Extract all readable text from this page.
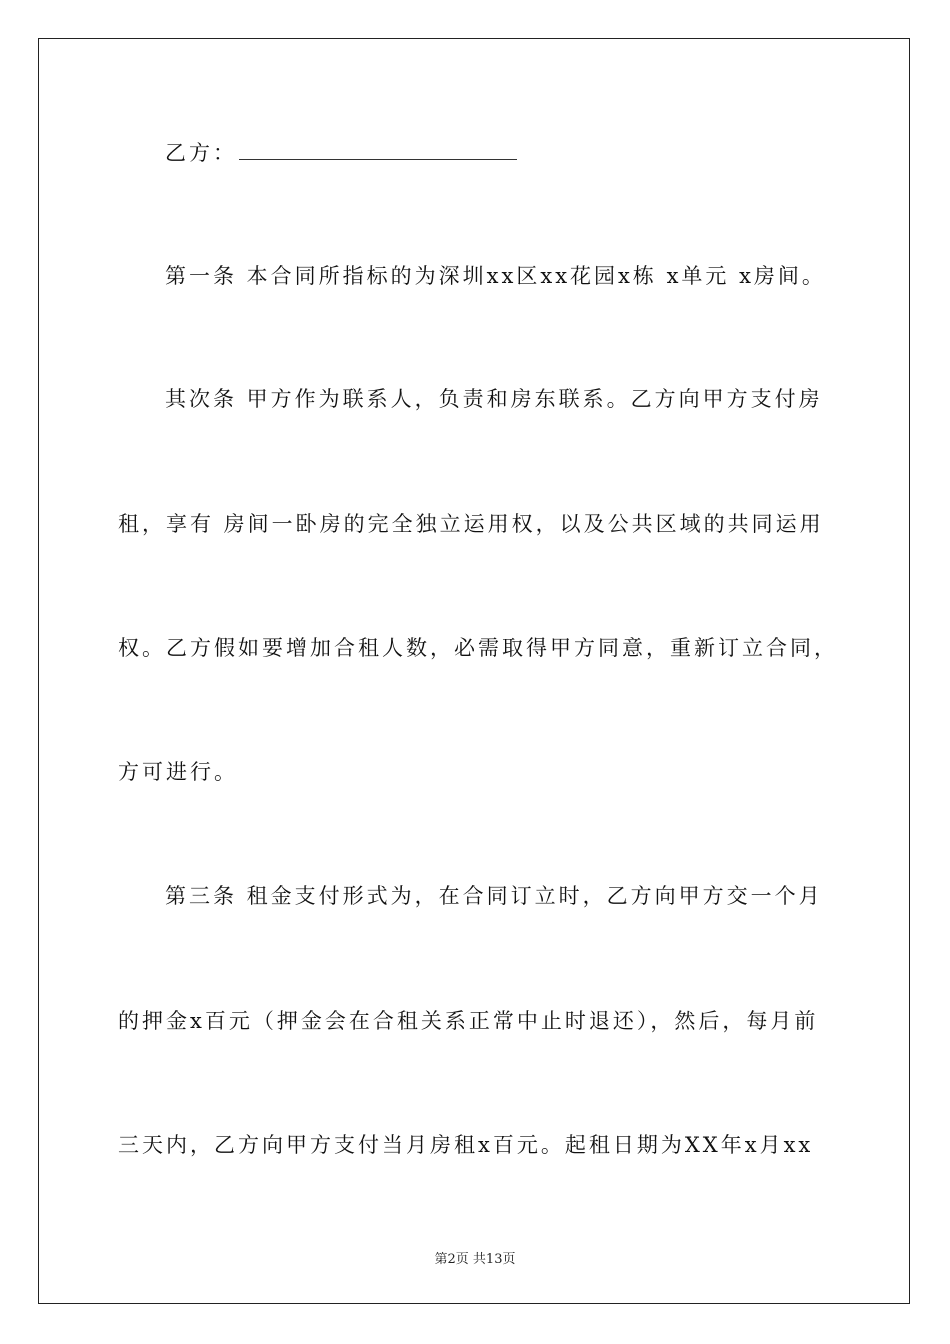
乙方：
第一条 本合同所指标的为深圳xx区xx花园x栋 x单元 x房间。
其次条 甲方作为联系人，负责和房东联系。乙方向甲方支付房
租，享有 房间一卧房的完全独立运用权，以及公共区域的共同运用
权。乙方假如要增加合租人数，必需取得甲方同意，重新订立合同，
方可进行。
第三条 租金支付形式为，在合同订立时，乙方向甲方交一个月
的押金x百元（押金会在合租关系正常中止时退还），然后，每月前
三天内，乙方向甲方支付当月房租x百元。起租日期为XX年x月xx
第2页 共13页
